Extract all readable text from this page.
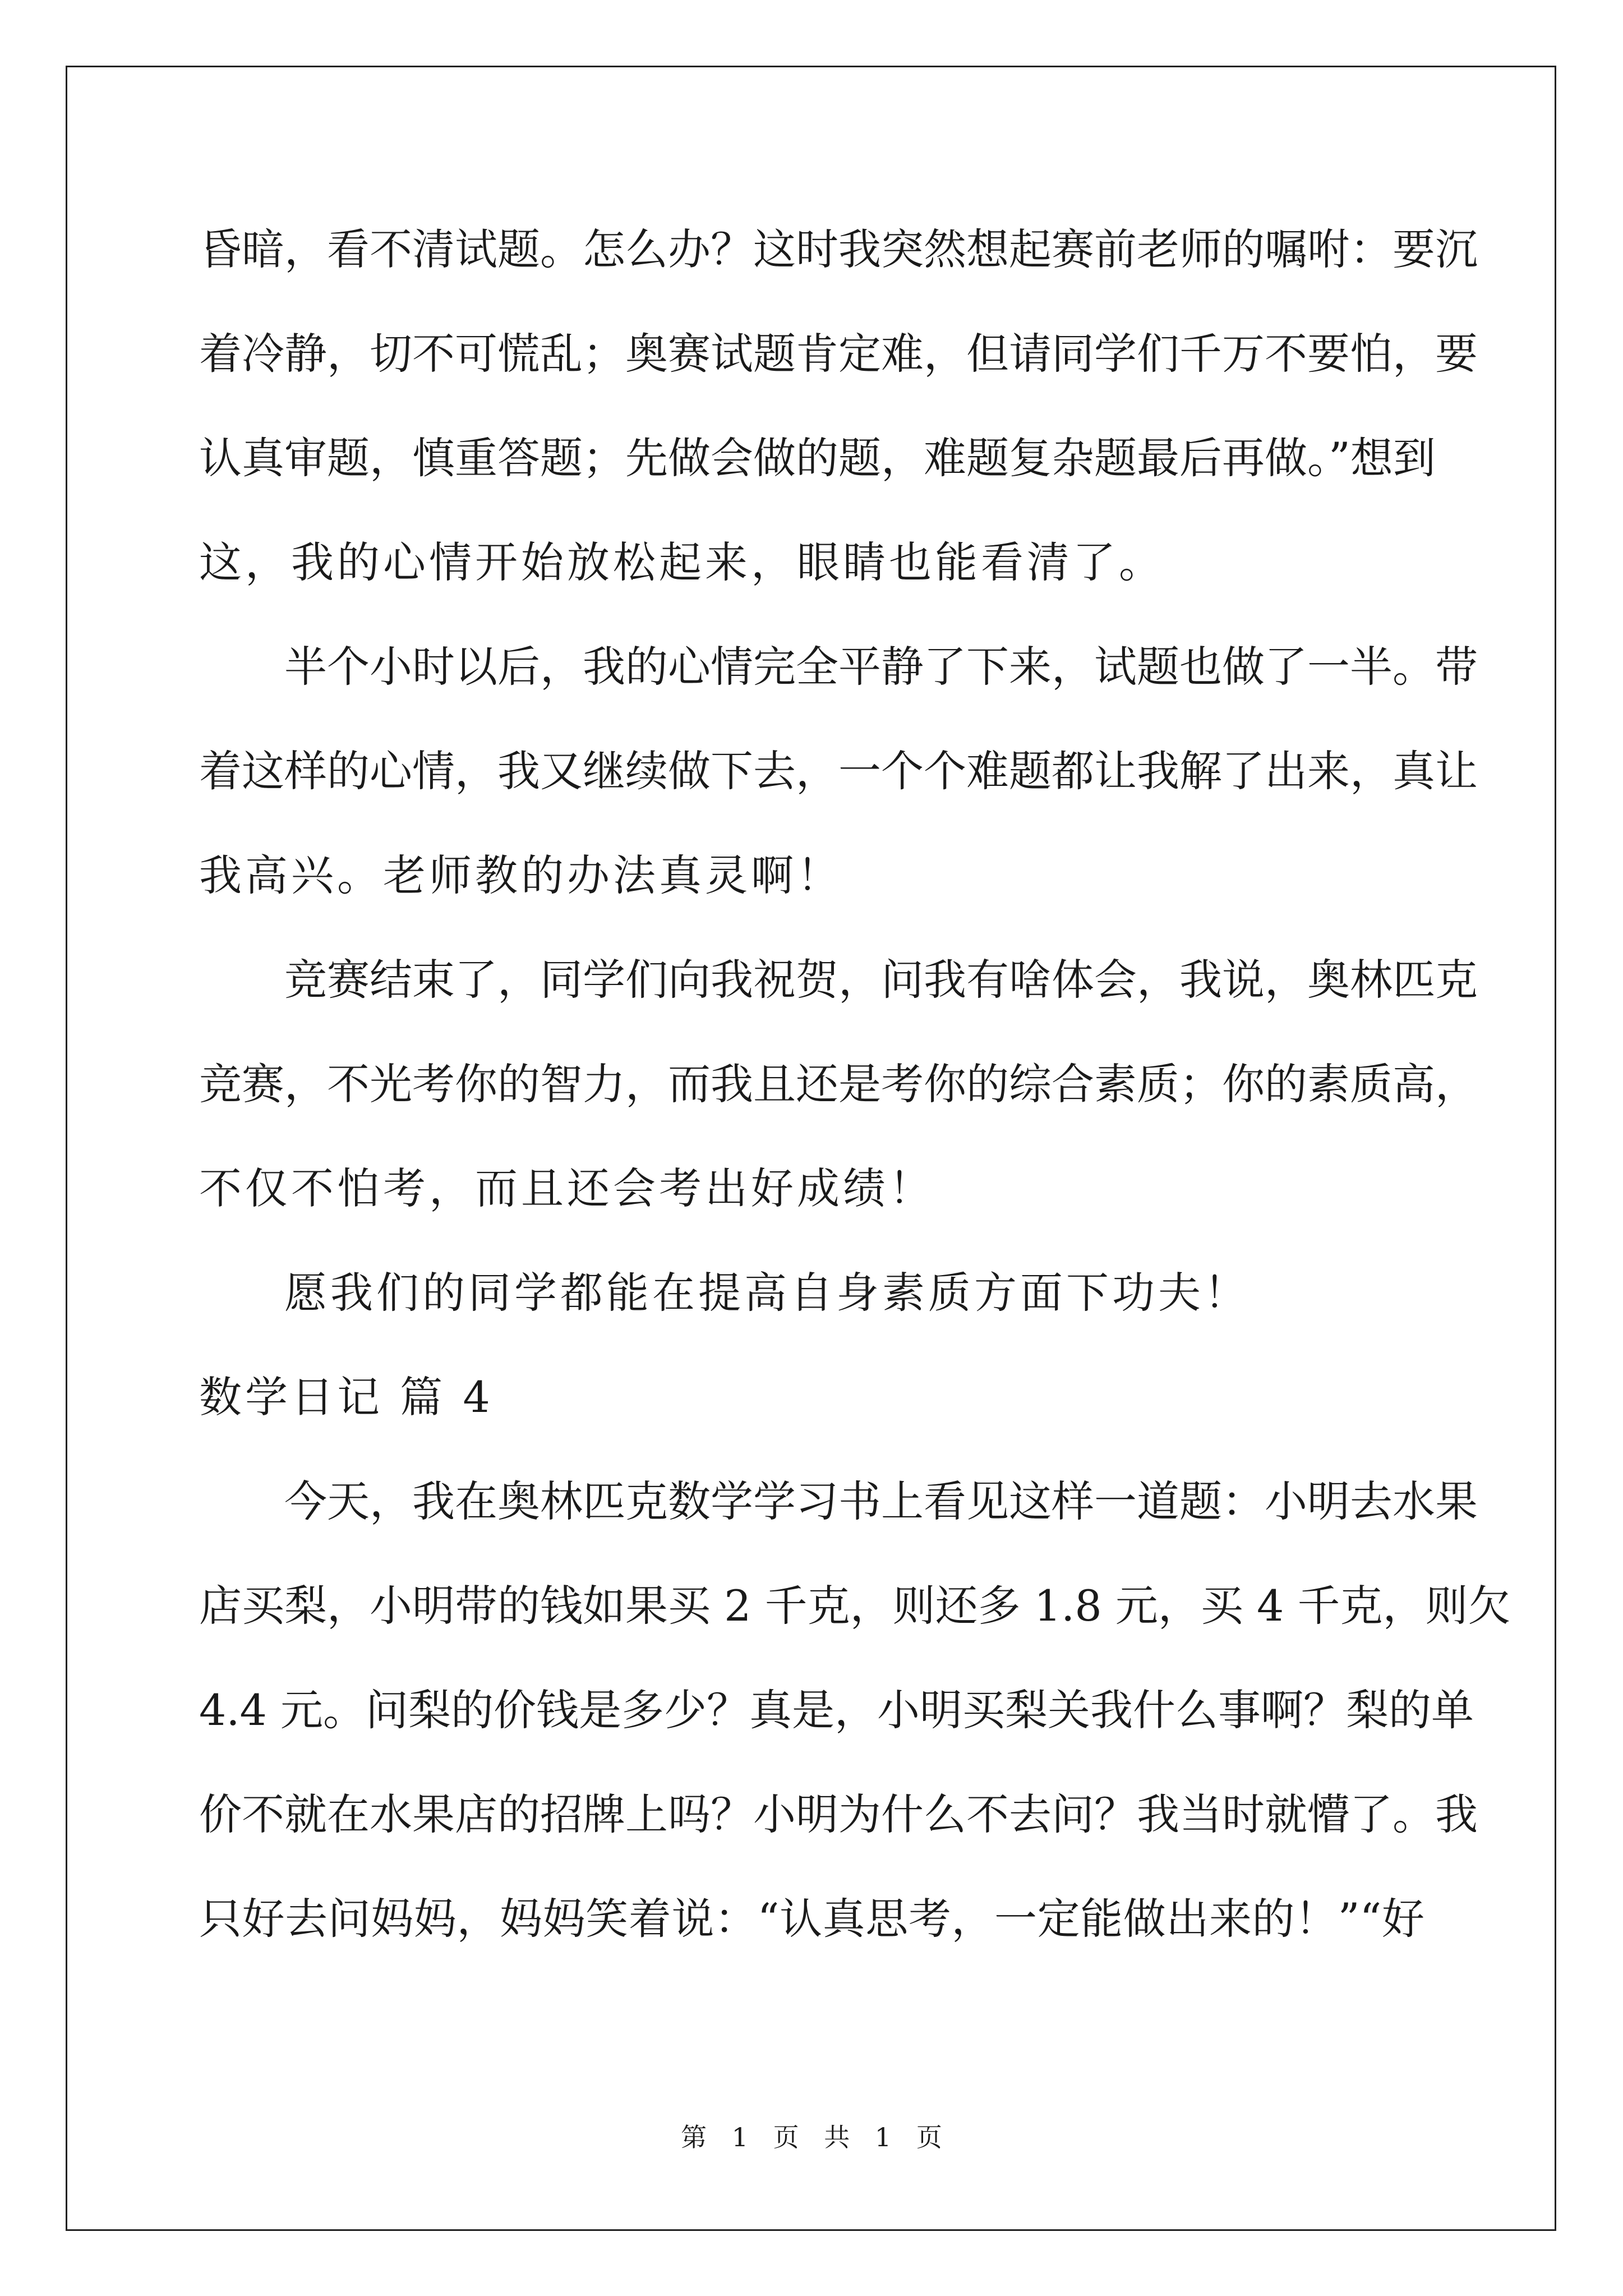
昏暗，看不清试题。怎么办？这时我突然想起赛前老师的嘱咐：要沉
着冷静，切不可慌乱；奥赛试题肯定难，但请同学们千万不要怕，要
认真审题，慎重答题；先做会做的题，难题复杂题最后再做。”想到
这，我的心情开始放松起来，眼睛也能看清了。
半个小时以后，我的心情完全平静了下来，试题也做了一半。带
着这样的心情，我又继续做下去，一个个难题都让我解了出来，真让
我高兴。老师教的办法真灵啊！
竞赛结束了，同学们向我祝贺，问我有啥体会，我说，奥林匹克
竞赛，不光考你的智力，而我且还是考你的综合素质；你的素质高，
不仅不怕考，而且还会考出好成绩！
愿我们的同学都能在提高自身素质方面下功夫！
数学日记 篇 4
今天，我在奥林匹克数学学习书上看见这样一道题：小明去水果
店买梨，小明带的钱如果买 2 千克，则还多 1.8 元，买 4 千克，则欠
4.4 元。问梨的价钱是多少？真是，小明买梨关我什么事啊？梨的单
价不就在水果店的招牌上吗？小明为什么不去问？我当时就懵了。我
只好去问妈妈，妈妈笑着说：“认真思考，一定能做出来的！”“好
第 1 页 共 1 页
